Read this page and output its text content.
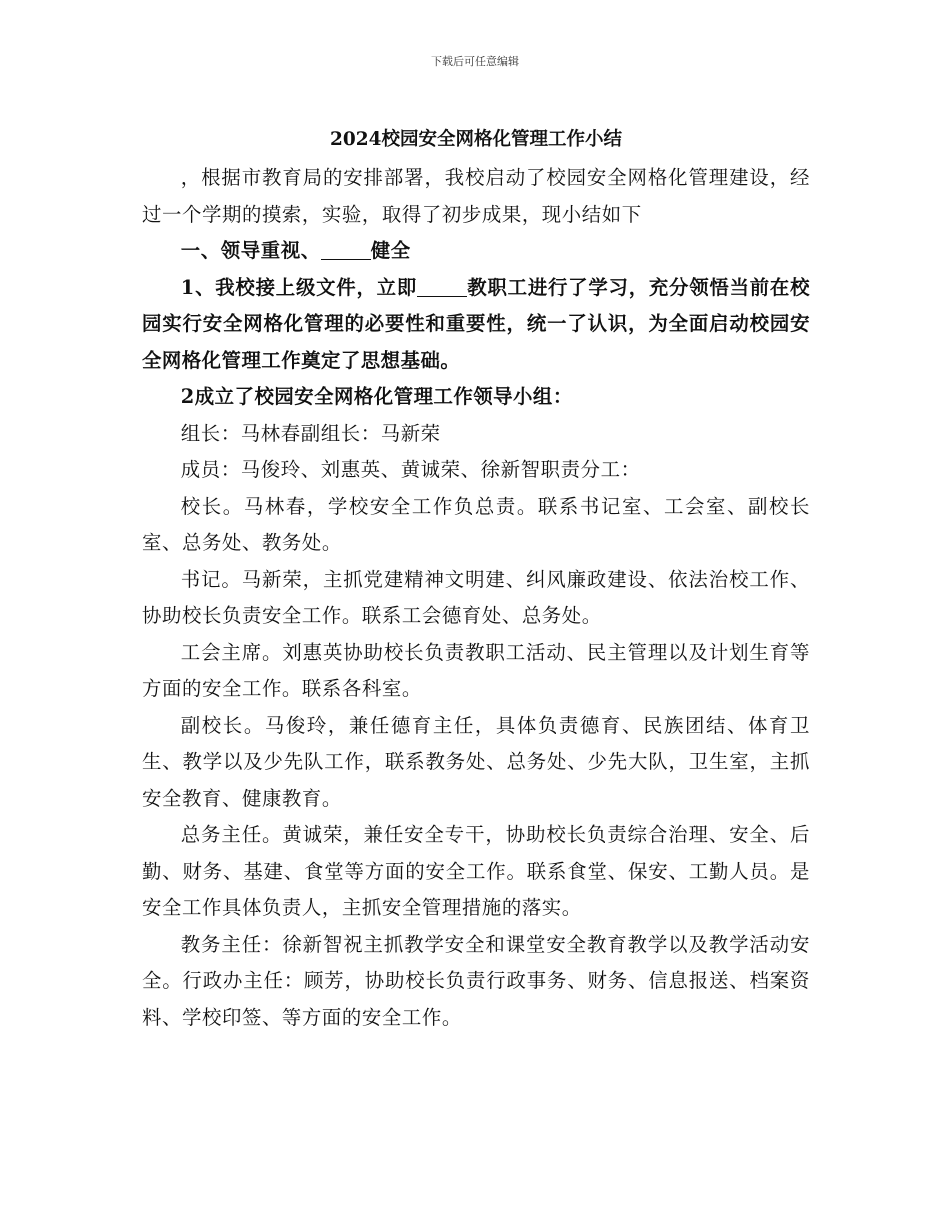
下载后可任意编辑
2024校园安全网格化管理工作小结

，根据市教育局的安排部署，我校启动了校园安全网格化管理建设，经过一个学期的摸索，实验，取得了初步成果，现小结如下

一、领导重视、	健全

1、我校接上级文件，立即	教职工进行了学习，充分领悟当前在校园实行安全网格化管理的必要性和重要性，统一了认识，为全面启动校园安全网格化管理工作奠定了思想基础。

2成立了校园安全网格化管理工作领导小组：

组长：马林春副组长：马新荣

成员：马俊玲、刘惠英、黄诚荣、徐新智职责分工：

校长。马林春，学校安全工作负总责。联系书记室、工会室、副校长室、总务处、教务处。

书记。马新荣，主抓党建精神文明建、纠风廉政建设、依法治校工作、协助校长负责安全工作。联系工会德育处、总务处。

工会主席。刘惠英协助校长负责教职工活动、民主管理以及计划生育等方面的安全工作。联系各科室。

副校长。马俊玲，兼任德育主任，具体负责德育、民族团结、体育卫生、教学以及少先队工作，联系教务处、总务处、少先大队，卫生室，主抓安全教育、健康教育。

总务主任。黄诚荣，兼任安全专干，协助校长负责综合治理、安全、后勤、财务、基建、食堂等方面的安全工作。联系食堂、保安、工勤人员。是安全工作具体负责人，主抓安全管理措施的落实。

教务主任：徐新智祝主抓教学安全和课堂安全教育教学以及教学活动安全。行政办主任：顾芳，协助校长负责行政事务、财务、信息报送、档案资料、学校印签、等方面的安全工作。
